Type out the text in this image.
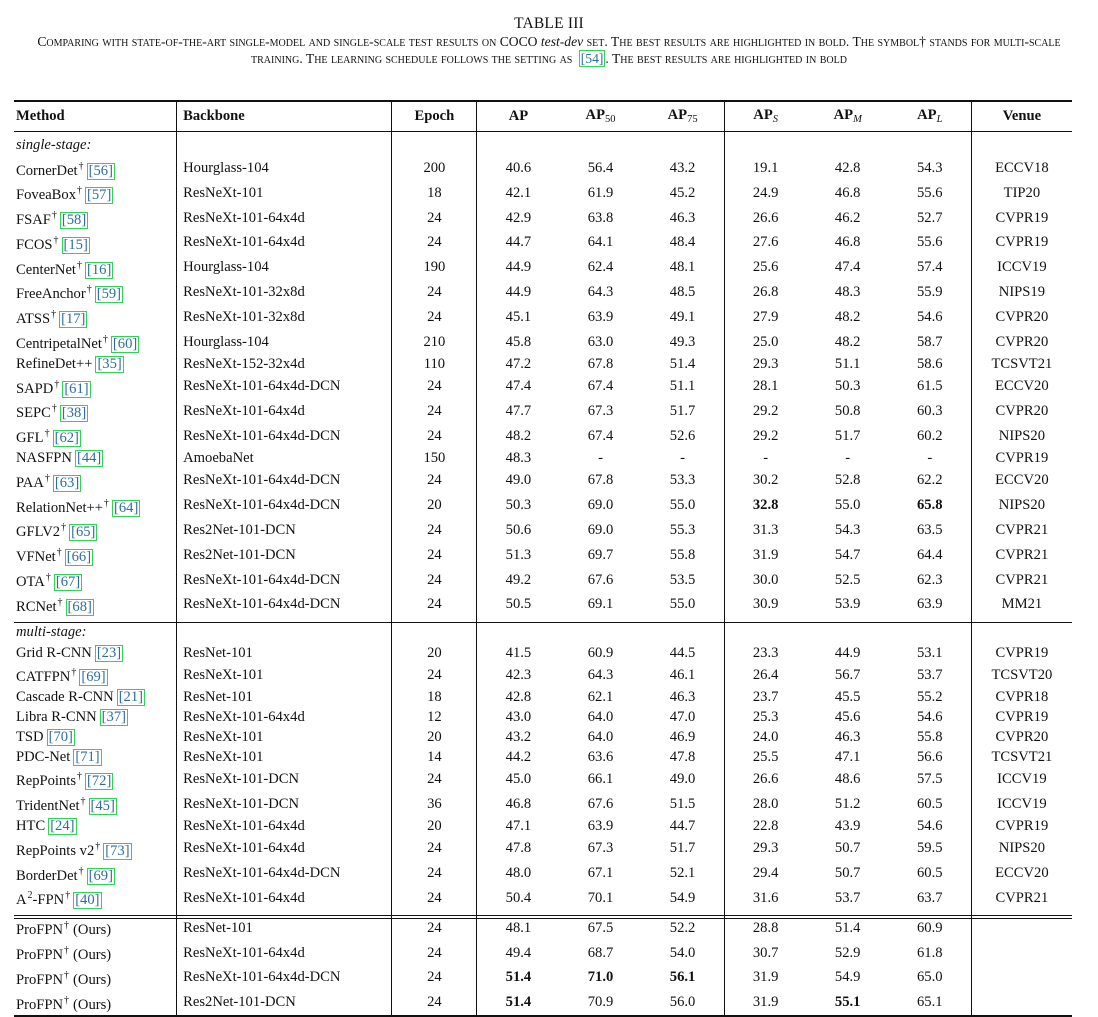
TABLE III
Comparing with state-of-the-art single-model and single-scale test results on COCO test-dev set. The best results are highlighted in bold. The symbol† stands for multi-scale training. The learning schedule follows the setting as [54] . The best results are highlighted in bold
Method	Backbone	Epoch	AP	$AP_{50}$	$AP_{75}$	$AP_S$	$AP_M$	$AP_L$	Venue

single-stage:									
CornerDet† [56]	Hourglass-104	200	40.6	56.4	43.2	19.1	42.8	54.3	ECCV18
FoveaBox† [57]	ResNeXt-101	18	42.1	61.9	45.2	24.9	46.8	55.6	TIP20
FSAF† [58]	ResNeXt-101-64x4d	24	42.9	63.8	46.3	26.6	46.2	52.7	CVPR19
FCOS† [15]	ResNeXt-101-64x4d	24	44.7	64.1	48.4	27.6	46.8	55.6	CVPR19
CenterNet† [16]	Hourglass-104	190	44.9	62.4	48.1	25.6	47.4	57.4	ICCV19
FreeAnchor† [59]	ResNeXt-101-32x8d	24	44.9	64.3	48.5	26.8	48.3	55.9	NIPS19
ATSS† [17]	ResNeXt-101-32x8d	24	45.1	63.9	49.1	27.9	48.2	54.6	CVPR20
CentripetalNet† [60]	Hourglass-104	210	45.8	63.0	49.3	25.0	48.2	58.7	CVPR20
RefineDet++ [35]	ResNeXt-152-32x4d	110	47.2	67.8	51.4	29.3	51.1	58.6	TCSVT21
SAPD† [61]	ResNeXt-101-64x4d-DCN	24	47.4	67.4	51.1	28.1	50.3	61.5	ECCV20
SEPC† [38]	ResNeXt-101-64x4d	24	47.7	67.3	51.7	29.2	50.8	60.3	CVPR20
GFL† [62]	ResNeXt-101-64x4d-DCN	24	48.2	67.4	52.6	29.2	51.7	60.2	NIPS20
NASFPN [44]	AmoebaNet	150	48.3	-	-	-	-	-	CVPR19
PAA† [63]	ResNeXt-101-64x4d-DCN	24	49.0	67.8	53.3	30.2	52.8	62.2	ECCV20
RelationNet++† [64]	ResNeXt-101-64x4d-DCN	20	50.3	69.0	55.0	32.8	55.0	65.8	NIPS20
GFLV2† [65]	Res2Net-101-DCN	24	50.6	69.0	55.3	31.3	54.3	63.5	CVPR21
VFNet† [66]	Res2Net-101-DCN	24	51.3	69.7	55.8	31.9	54.7	64.4	CVPR21
OTA† [67]	ResNeXt-101-64x4d-DCN	24	49.2	67.6	53.5	30.0	52.5	62.3	CVPR21
RCNet† [68]	ResNeXt-101-64x4d-DCN	24	50.5	69.1	55.0	30.9	53.9	63.9	MM21

multi-stage:									
Grid R-CNN [23]	ResNet-101	20	41.5	60.9	44.5	23.3	44.9	53.1	CVPR19
CATFPN† [69]	ResNeXt-101	24	42.3	64.3	46.1	26.4	56.7	53.7	TCSVT20
Cascade R-CNN [21]	ResNet-101	18	42.8	62.1	46.3	23.7	45.5	55.2	CVPR18
Libra R-CNN [37]	ResNeXt-101-64x4d	12	43.0	64.0	47.0	25.3	45.6	54.6	CVPR19
TSD [70]	ResNeXt-101	20	43.2	64.0	46.9	24.0	46.3	55.8	CVPR20
PDC-Net [71]	ResNeXt-101	14	44.2	63.6	47.8	25.5	47.1	56.6	TCSVT21
RepPoints† [72]	ResNeXt-101-DCN	24	45.0	66.1	49.0	26.6	48.6	57.5	ICCV19
TridentNet† [45]	ResNeXt-101-DCN	36	46.8	67.6	51.5	28.0	51.2	60.5	ICCV19
HTC [24]	ResNeXt-101-64x4d	20	47.1	63.9	44.7	22.8	43.9	54.6	CVPR19
RepPoints v2† [73]	ResNeXt-101-64x4d	24	47.8	67.3	51.7	29.3	50.7	59.5	NIPS20
BorderDet† [69]	ResNeXt-101-64x4d-DCN	24	48.0	67.1	52.1	29.4	50.7	60.5	ECCV20
$A^2-FPN^\dagger$ [40]	ResNeXt-101-64x4d	24	50.4	70.1	54.9	31.6	53.7	63.7	CVPR21

ProFPN† (Ours)	ResNet-101	24	48.1	67.5	52.2	28.8	51.4	60.9	
ProFPN† (Ours)	ResNeXt-101-64x4d	24	49.4	68.7	54.0	30.7	52.9	61.8	
ProFPN† (Ours)	ResNeXt-101-64x4d-DCN	24	51.4	71.0	56.1	31.9	54.9	65.0	
ProFPN† (Ours)	Res2Net-101-DCN	24	51.4	70.9	56.0	31.9	55.1	65.1	
